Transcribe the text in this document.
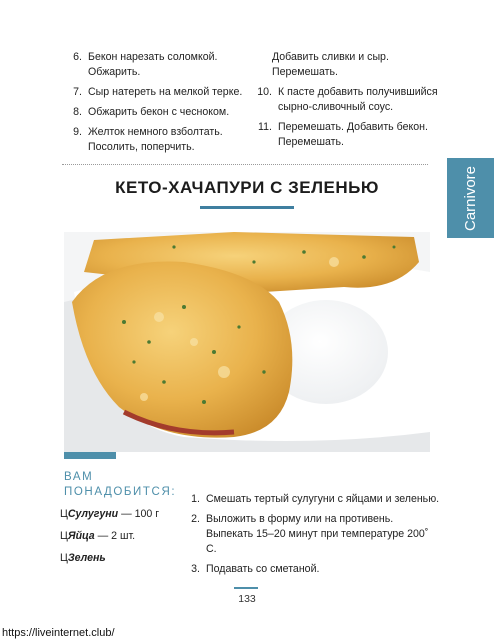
6. Бекон нарезать соломкой.
Обжарить.
7. Сыр натереть на мелкой терке.
8. Обжарить бекон с чесноком.
9. Желток немного взболтать.
Посолить, поперчить.
Добавить сливки и сыр.
Перемешать.
10. К пасте добавить получившийся
сырно-сливочный соус.
11. Перемешать. Добавить бекон.
Перемешать.
Carnivore
КЕТО-ХАЧАПУРИ С ЗЕЛЕНЬЮ
ВАМ
ПОНАДОБИТСЯ:
ЦСулугуни — 100 г
ЦЯйца — 2 шт.
ЦЗелень
1. Смешать тертый сулугуни с яйцами и зеленью.
2. Выложить в форму или на противень.
Выпекать 15–20 минут при температуре 200˚ С.
3. Подавать со сметаной.
133
https://liveinternet.club/
